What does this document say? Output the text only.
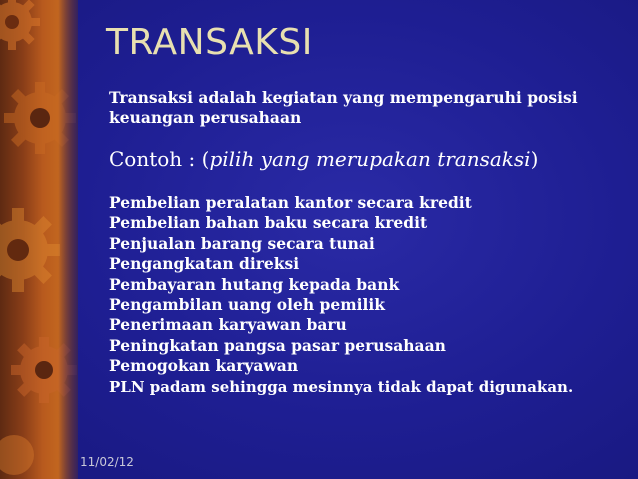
TRANSAKSI

Transaksi adalah kegiatan yang mempengaruhi posisi keuangan perusahaan

Contoh : (pilih yang merupakan transaksi)
Pembelian peralatan kantor secara kredit
Pembelian bahan baku secara kredit
Penjualan barang secara tunai
Pengangkatan direksi
Pembayaran hutang kepada bank
Pengambilan uang oleh pemilik
Penerimaan karyawan baru
Peningkatan pangsa pasar perusahaan
Pemogokan karyawan
PLN padam sehingga mesinnya tidak dapat digunakan.
11/02/12
